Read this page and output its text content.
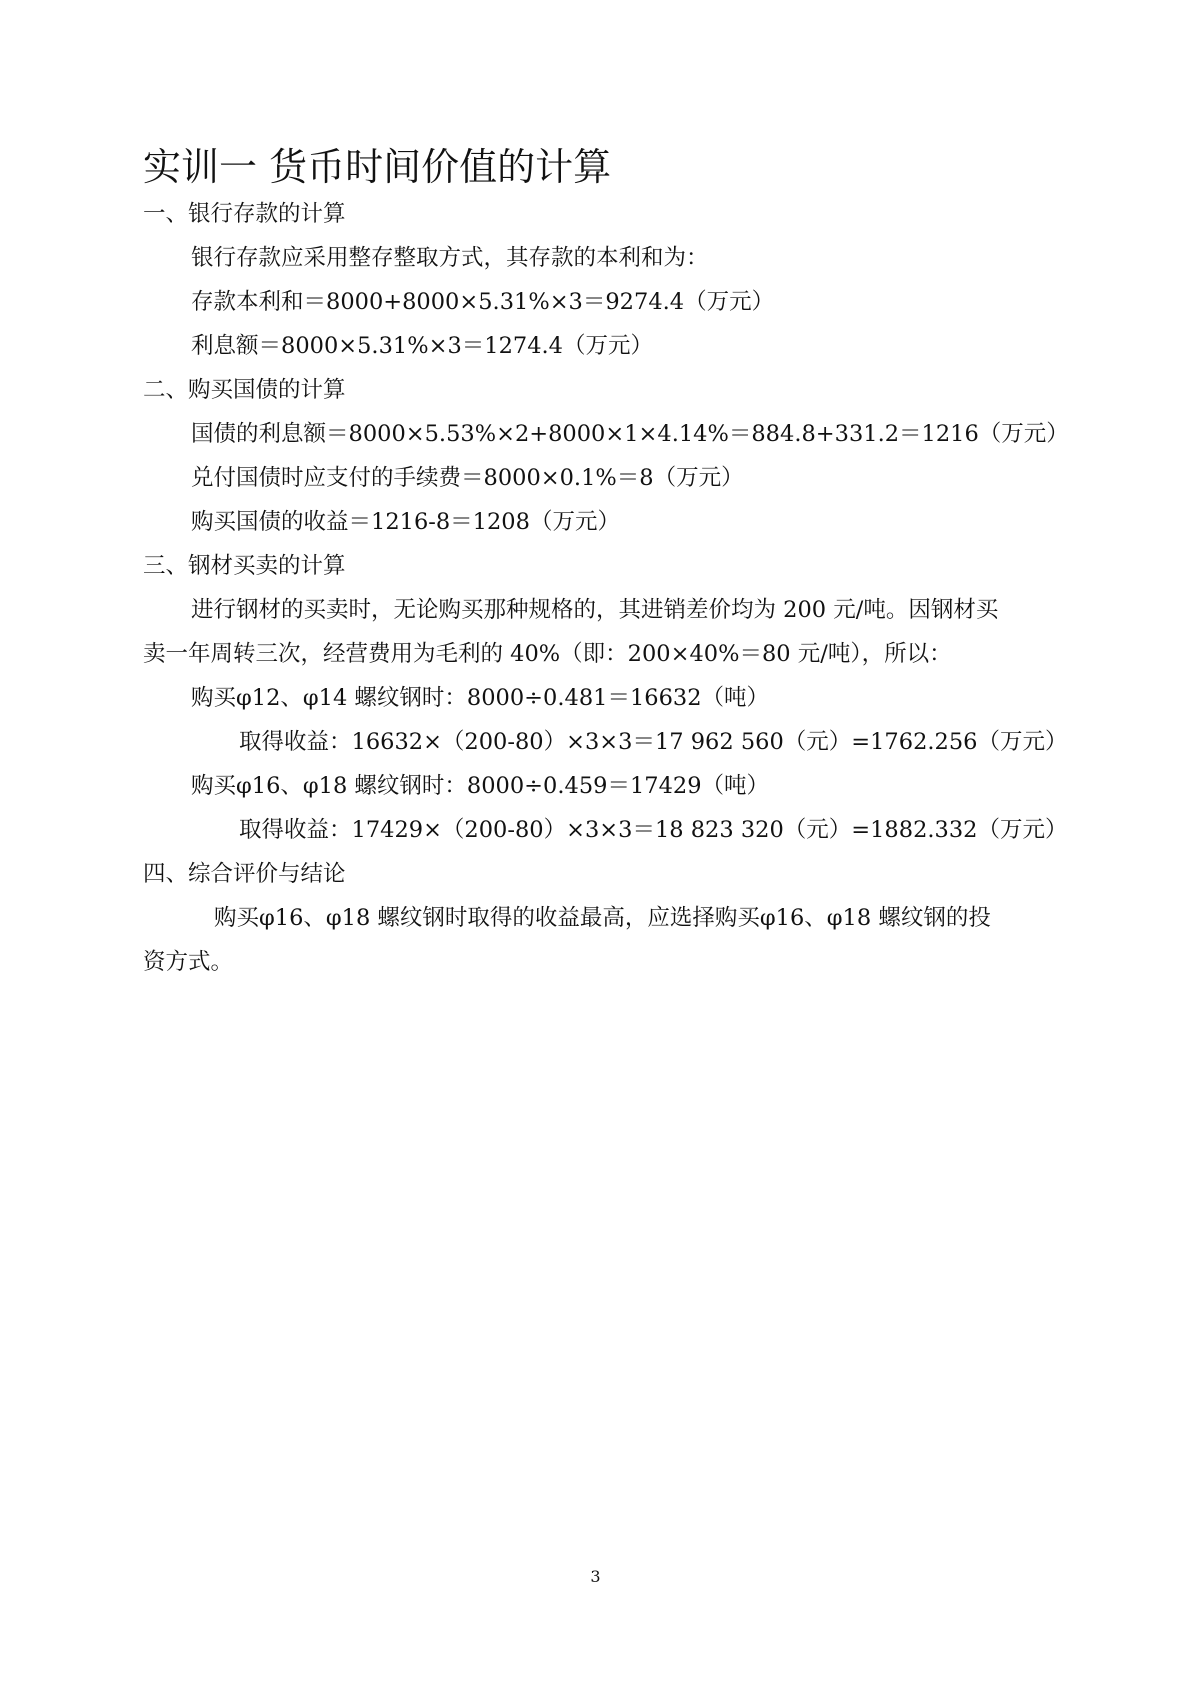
实训一 货币时间价值的计算

一、银行存款的计算

银行存款应采用整存整取方式，其存款的本利和为：

存款本利和＝8000+8000×5.31%×3＝9274.4（万元）

利息额＝8000×5.31%×3＝1274.4（万元）

二、购买国债的计算

国债的利息额＝8000×5.53%×2+8000×1×4.14%＝884.8+331.2＝1216（万元）

兑付国债时应支付的手续费＝8000×0.1%＝8（万元）

购买国债的收益＝1216-8＝1208（万元）

三、钢材买卖的计算

进行钢材的买卖时，无论购买那种规格的，其进销差价均为 200 元/吨。因钢材买

卖一年周转三次，经营费用为毛利的 40%（即：200×40%＝80 元/吨），所以：

购买φ12、φ14 螺纹钢时：8000÷0.481＝16632（吨）

取得收益：16632×（200-80）×3×3＝17 962 560（元）=1762.256（万元）

购买φ16、φ18 螺纹钢时：8000÷0.459＝17429（吨）

取得收益：17429×（200-80）×3×3＝18 823 320（元）=1882.332（万元）

四、综合评价与结论

购买φ16、φ18 螺纹钢时取得的收益最高，应选择购买φ16、φ18 螺纹钢的投

资方式。

3
